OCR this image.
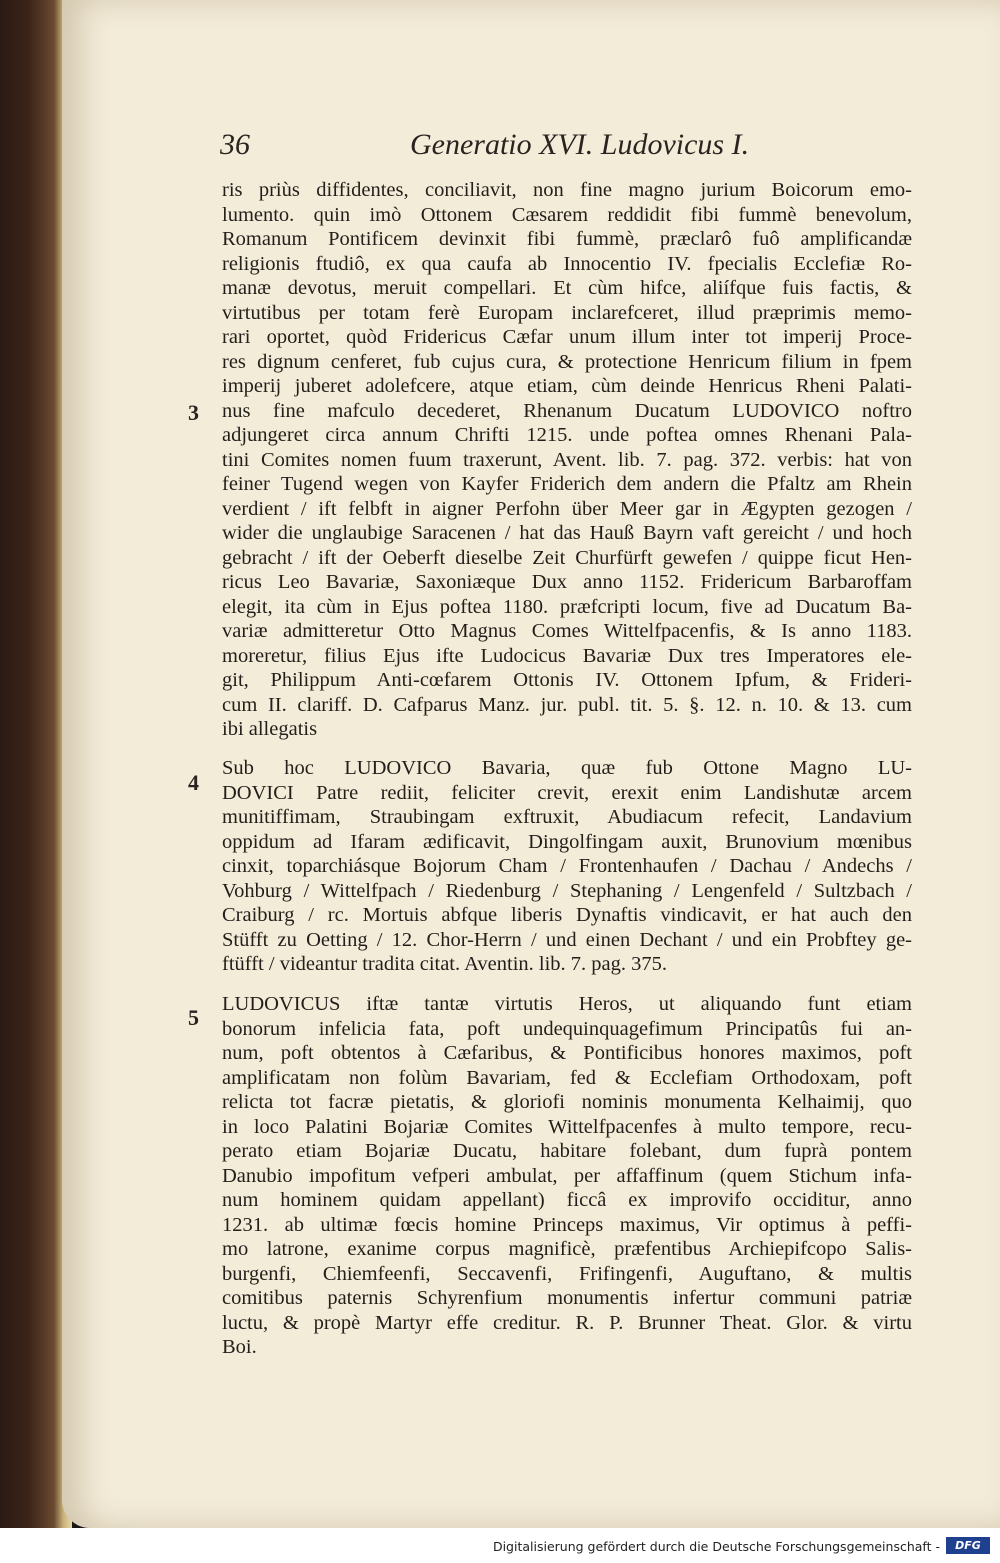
36	Generatio XVI. Ludovicus I.
3
4
5
ris priùs diffidentes, conciliavit, non fine magno jurium Boicorum emo-
lumento. quin imò Ottonem Cæsarem reddidit fibi fummè benevolum,
Romanum Pontificem devinxit fibi fummè, præclarô fuô amplificandæ
religionis ftudiô, ex qua caufa ab Innocentio IV. fpecialis Ecclefiæ Ro-
manæ devotus, meruit compellari. Et cùm hifce, aliífque fuis factis, &
virtutibus per totam ferè Europam inclarefceret, illud præprimis memo-
rari oportet, quòd Fridericus Cæfar unum illum inter tot imperij Proce-
res dignum cenferet, fub cujus cura, & protectione Henricum filium in fpem
imperij juberet adolefcere, atque etiam, cùm deinde Henricus Rheni Palati-
nus fine mafculo decederet, Rhenanum Ducatum LUDOVICO noftro
adjungeret circa annum Chrifti 1215. unde poftea omnes Rhenani Pala-
tini Comites nomen fuum traxerunt, Avent. lib. 7. pag. 372. verbis: hat von
feiner Tugend wegen von Kayfer Friderich dem andern die Pfaltz am Rhein
verdient / ift felbft in aigner Perfohn über Meer gar in Ægypten gezogen /
wider die unglaubige Saracenen / hat das Hauß Bayrn vaft gereicht / und hoch
gebracht / ift der Oeberft dieselbe Zeit Churfürft gewefen / quippe ficut Hen-
ricus Leo Bavariæ, Saxoniæque Dux anno 1152. Fridericum Barbaroffam
elegit, ita cùm in Ejus poftea 1180. præfcripti locum, five ad Ducatum Ba-
variæ admitteretur Otto Magnus Comes Wittelfpacenfis, & Is anno 1183.
moreretur, filius Ejus ifte Ludocicus Bavariæ Dux tres Imperatores ele-
git, Philippum Anti-cœfarem Ottonis IV. Ottonem Ipfum, & Frideri-
cum II. clariff. D. Cafparus Manz. jur. publ. tit. 5. §. 12. n. 10. & 13. cum
ibi allegatis
Sub hoc LUDOVICO Bavaria, quæ fub Ottone Magno LU-
DOVICI Patre rediit, feliciter crevit, erexit enim Landishutæ arcem
munitiffimam, Straubingam exftruxit, Abudiacum refecit, Landavium
oppidum ad Ifaram ædificavit, Dingolfingam auxit, Brunovium mœnibus
cinxit, toparchiásque Bojorum Cham / Frontenhaufen / Dachau / Andechs /
Vohburg / Wittelfpach / Riedenburg / Stephaning / Lengenfeld / Sultzbach /
Craiburg / rc. Mortuis abfque liberis Dynaftis vindicavit, er hat auch den
Stüfft zu Oetting / 12. Chor-Herrn / und einen Dechant / und ein Probftey ge-
ftüfft / videantur tradita citat. Aventin. lib. 7. pag. 375.
LUDOVICUS iftæ tantæ virtutis Heros, ut aliquando funt etiam
bonorum infelicia fata, poft undequinquagefimum Principatûs fui an-
num, poft obtentos à Cæfaribus, & Pontificibus honores maximos, poft
amplificatam non folùm Bavariam, fed & Ecclefiam Orthodoxam, poft
relicta tot facræ pietatis, & gloriofi nominis monumenta Kelhaimij, quo
in loco Palatini Bojariæ Comites Wittelfpacenfes à multo tempore, recu-
perato etiam Bojariæ Ducatu, habitare folebant, dum fuprà pontem
Danubio impofitum vefperi ambulat, per affaffinum (quem Stichum infa-
num hominem quidam appellant) ficcâ ex improvifo occiditur, anno
1231. ab ultimæ fœcis homine Princeps maximus, Vir optimus à peffi-
mo latrone, exanime corpus magnificè, præfentibus Archiepifcopo Salis-
burgenfi, Chiemfeenfi, Seccavenfi, Frifingenfi, Auguftano, & multis
comitibus paternis Schyrenfium monumentis infertur communi patriæ
luctu, & propè Martyr effe creditur. R. P. Brunner Theat. Glor. & virtu
Boi.
Digitalisierung gefördert durch die Deutsche Forschungsgemeinschaft -	DFG
